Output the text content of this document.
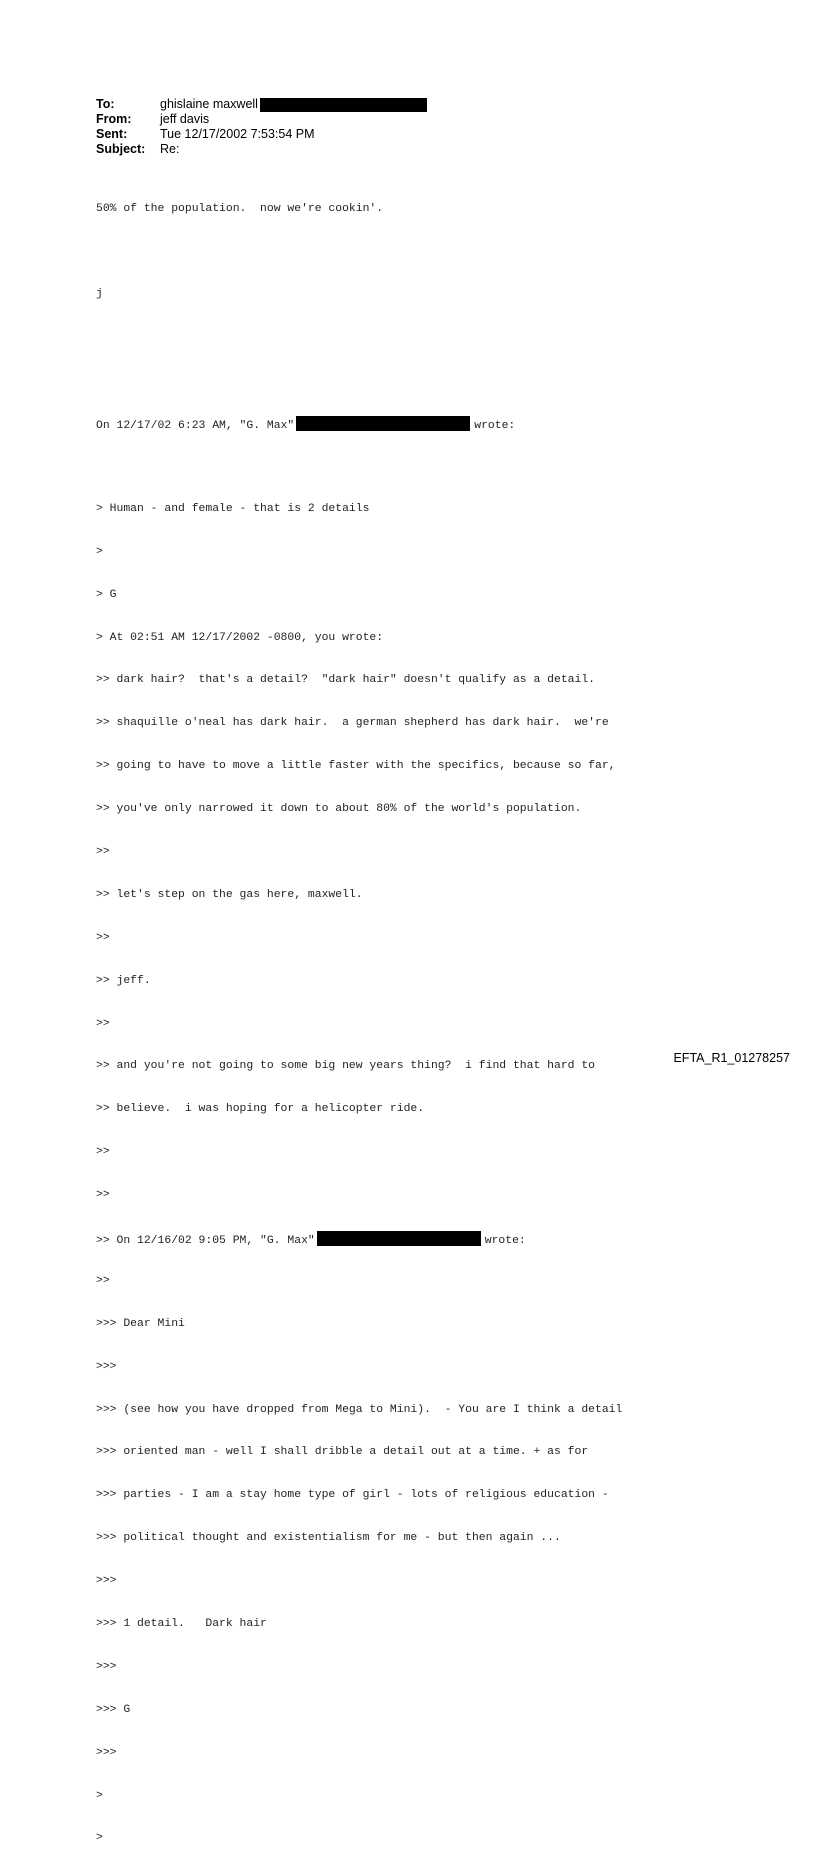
To:	ghislaine maxwell
From:	jeff davis
Sent:	Tue 12/17/2002 7:53:54 PM
Subject:	Re:

50% of the population.  now we're cookin'.

j

On 12/17/02 6:23 AM, "G. Max"	wrote:

> Human - and female - that is 2 details

>

> G

> At 02:51 AM 12/17/2002 -0800, you wrote:

>> dark hair?  that's a detail?  "dark hair" doesn't qualify as a detail.

>> shaquille o'neal has dark hair.  a german shepherd has dark hair.  we're

>> going to have to move a little faster with the specifics, because so far,

>> you've only narrowed it down to about 80% of the world's population.

>>

>> let's step on the gas here, maxwell.

>>

>> jeff.

>>

>> and you're not going to some big new years thing?  i find that hard to

>> believe.  i was hoping for a helicopter ride.

>>

>>

>> On 12/16/02 9:05 PM, "G. Max"	wrote:

>>

>>> Dear Mini

>>>

>>> (see how you have dropped from Mega to Mini).  - You are I think a detail

>>> oriented man - well I shall dribble a detail out at a time. + as for

>>> parties - I am a stay home type of girl - lots of religious education -

>>> political thought and existentialism for me - but then again ...

>>>

>>> 1 detail.   Dark hair

>>>

>>> G

>>>

>

>

EFTA_R1_01278257
